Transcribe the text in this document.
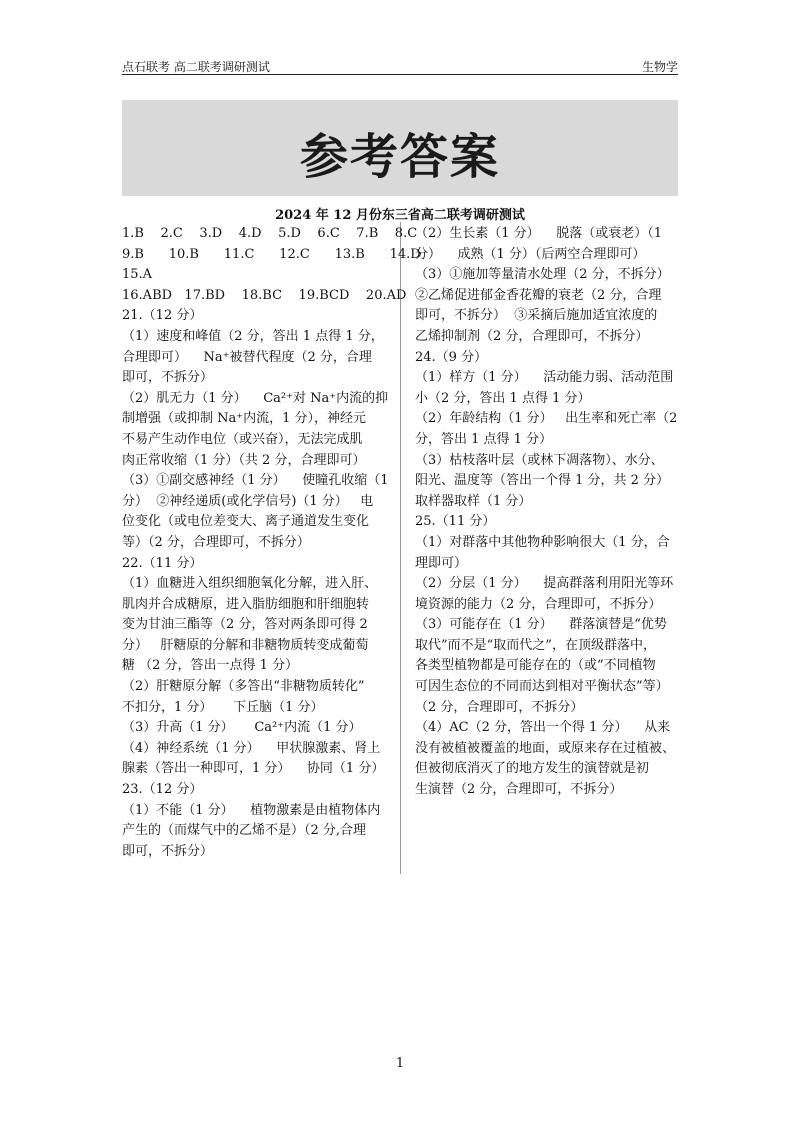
点石联考 高二联考调研测试	生物学
参考答案
2024 年 12 月份东三省高二联考调研测试
1.B    2.C    3.D    4.D    5.D    6.C    7.B    8.C
9.B      10.B      11.C      12.C      13.B      14.D
15.A
16.ABD   17.BD    18.BC    19.BCD    20.AD
21.（12 分）
（1）速度和峰值（2 分，答出 1 点得 1 分，
合理即可）    Na⁺被替代程度（2 分，合理
即可，不拆分）
（2）肌无力（1 分）    Ca²⁺对 Na⁺内流的抑
制增强（或抑制 Na⁺内流，1 分），神经元
不易产生动作电位（或兴奋），无法完成肌
肉正常收缩（1 分）（共 2 分，合理即可）
（3）①副交感神经（1 分）    使瞳孔收缩（1
分）  ②神经递质(或化学信号)（1 分）   电
位变化（或电位差变大、离子通道发生变化
等）（2 分，合理即可，不拆分）
22.（11 分）
（1）血糖进入组织细胞氧化分解，进入肝、
肌肉并合成糖原，进入脂肪细胞和肝细胞转
变为甘油三酯等（2 分，答对两条即可得 2
分）   肝糖原的分解和非糖物质转变成葡萄
糖 （2 分，答出一点得 1 分）
（2）肝糖原分解（多答出“非糖物质转化”
不扣分，1 分）     下丘脑（1 分）
（3）升高（1 分）     Ca²⁺内流（1 分）
（4）神经系统（1 分）    甲状腺激素、肾上
腺素（答出一种即可，1 分）    协同（1 分）
23.（12 分）
（1）不能（1 分）    植物激素是由植物体内
产生的（而煤气中的乙烯不是）（2 分,合理
即可，不拆分）
（2）生长素（1 分）    脱落（或衰老）（1
分）    成熟（1 分）（后两空合理即可）
（3）①施加等量清水处理（2 分，不拆分）
②乙烯促进郁金香花瓣的衰老（2 分，合理
即可，不拆分）  ③采摘后施加适宜浓度的
乙烯抑制剂（2 分，合理即可，不拆分）
24.（9 分）
（1）样方（1 分）    活动能力弱、活动范围
小（2 分，答出 1 点得 1 分）
（2）年龄结构（1 分）   出生率和死亡率（2
分，答出 1 点得 1 分）
（3）枯枝落叶层（或林下凋落物）、水分、
阳光、温度等（答出一个得 1 分，共 2 分）
取样器取样（1 分）
25.（11 分）
（1）对群落中其他物种影响很大（1 分，合
理即可）
（2）分层（1 分）    提高群落利用阳光等环
境资源的能力（2 分，合理即可，不拆分）
（3）可能存在（1 分）    群落演替是“优势
取代”而不是“取而代之”，在顶级群落中，
各类型植物都是可能存在的（或“不同植物
可因生态位的不同而达到相对平衡状态”等）
（2 分，合理即可，不拆分）
（4）AC（2 分，答出一个得 1 分）    从来
没有被植被覆盖的地面，或原来存在过植被、
但被彻底消灭了的地方发生的演替就是初
生演替（2 分，合理即可，不拆分）
1
